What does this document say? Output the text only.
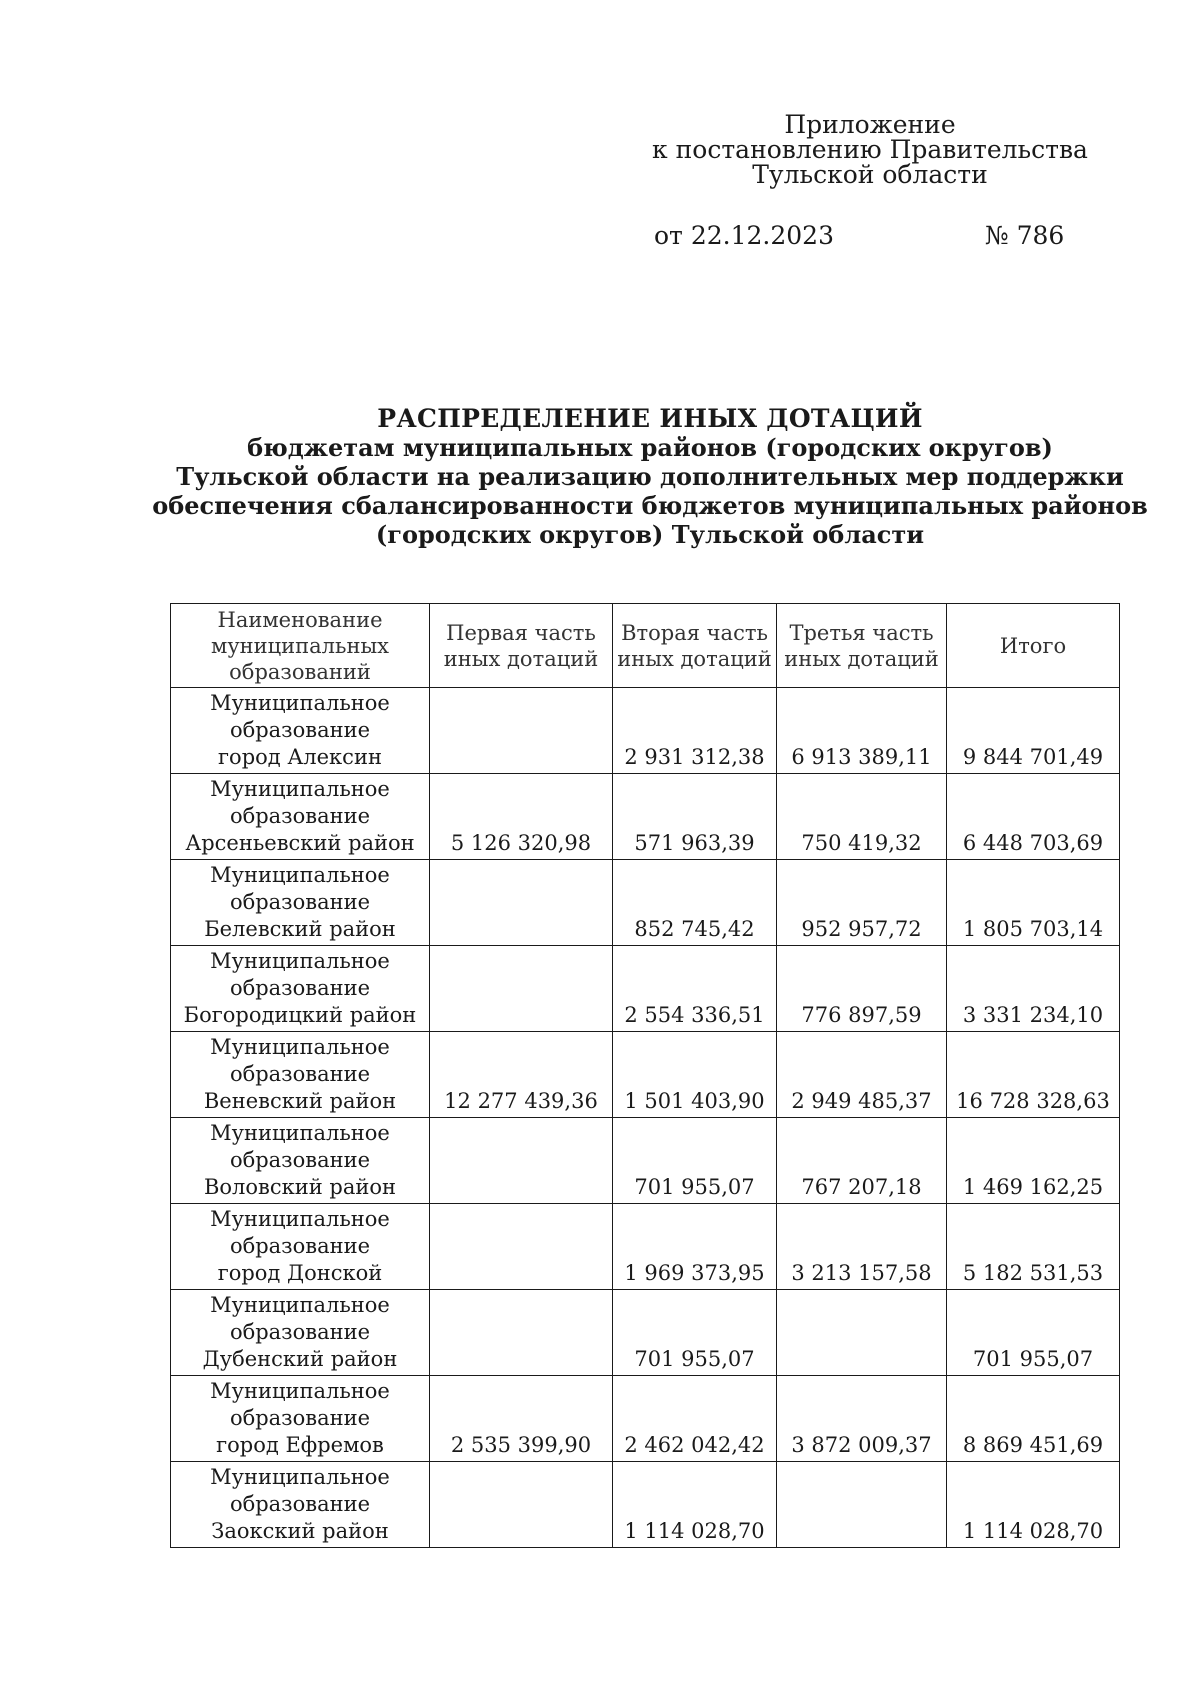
Приложение
к постановлению Правительства
Тульской области
от 22.12.2023	№ 786
РАСПРЕДЕЛЕНИЕ ИНЫХ ДОТАЦИЙ
бюджетам муниципальных районов (городских округов)
Тульской области на реализацию дополнительных мер поддержки
обеспечения сбалансированности бюджетов муниципальных районов
(городских округов) Тульской области
Наименование муниципальных образований	Первая часть иных дотаций	Вторая часть иных дотаций	Третья часть иных дотаций	Итого

Муниципальное
образование
город Алексин		2 931 312,38	6 913 389,11	9 844 701,49

Муниципальное
образование
Арсеньевский район	5 126 320,98	571 963,39	750 419,32	6 448 703,69

Муниципальное
образование
Белевский район		852 745,42	952 957,72	1 805 703,14

Муниципальное
образование
Богородицкий район		2 554 336,51	776 897,59	3 331 234,10

Муниципальное
образование
Веневский район	12 277 439,36	1 501 403,90	2 949 485,37	16 728 328,63

Муниципальное
образование
Воловский район		701 955,07	767 207,18	1 469 162,25

Муниципальное
образование
город Донской		1 969 373,95	3 213 157,58	5 182 531,53

Муниципальное
образование
Дубенский район		701 955,07		701 955,07

Муниципальное
образование
город Ефремов	2 535 399,90	2 462 042,42	3 872 009,37	8 869 451,69

Муниципальное
образование
Заокский район		1 114 028,70		1 114 028,70
